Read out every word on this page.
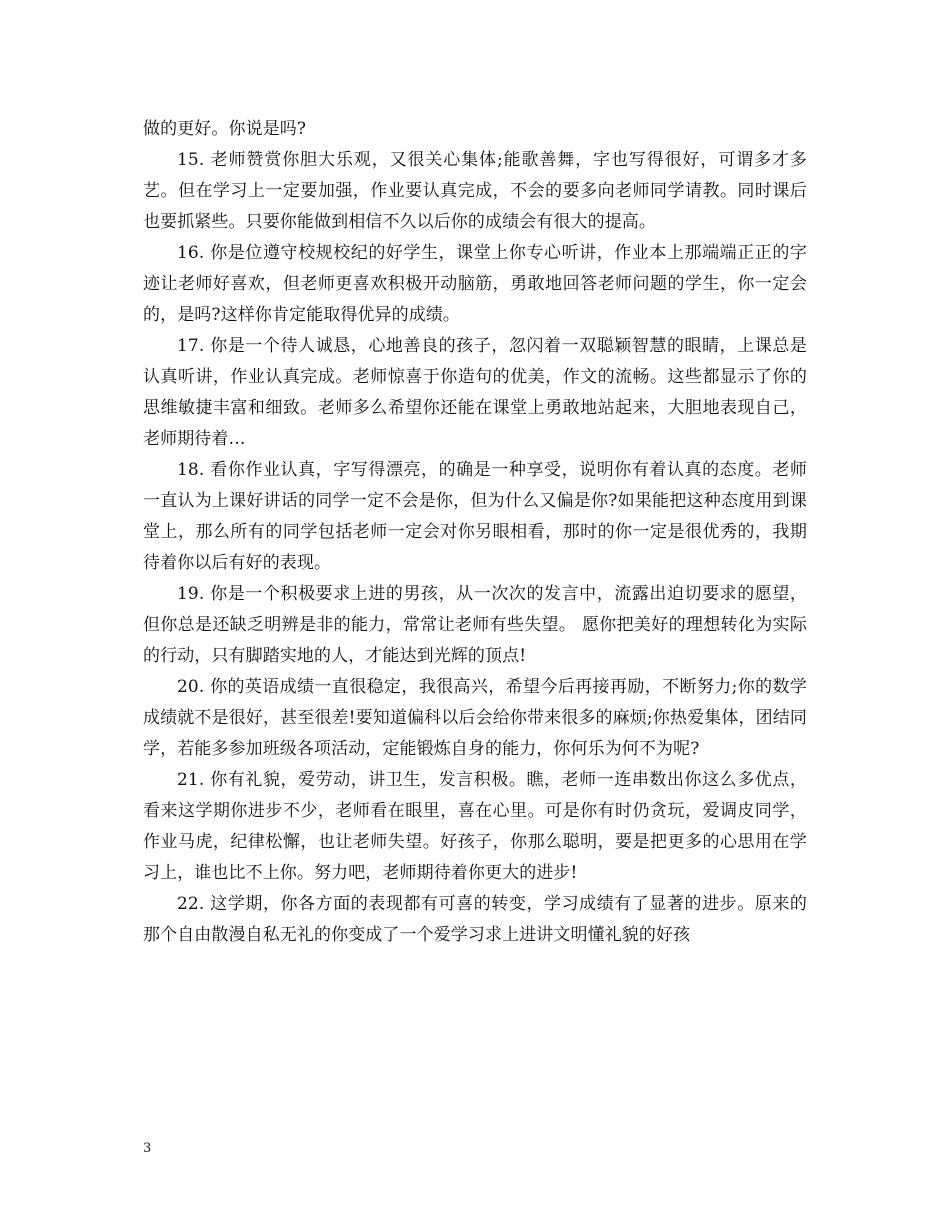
做的更好。你说是吗?

15. 老师赞赏你胆大乐观，又很关心集体;能歌善舞，字也写得很好，可谓多才多艺。但在学习上一定要加强，作业要认真完成，不会的要多向老师同学请教。同时课后也要抓紧些。只要你能做到相信不久以后你的成绩会有很大的提高。

16. 你是位遵守校规校纪的好学生，课堂上你专心听讲，作业本上那端端正正的字迹让老师好喜欢，但老师更喜欢积极开动脑筋，勇敢地回答老师问题的学生，你一定会的，是吗?这样你肯定能取得优异的成绩。

17. 你是一个待人诚恳，心地善良的孩子，忽闪着一双聪颖智慧的眼睛，上课总是认真听讲，作业认真完成。老师惊喜于你造句的优美，作文的流畅。这些都显示了你的思维敏捷丰富和细致。老师多么希望你还能在课堂上勇敢地站起来，大胆地表现自己，老师期待着…

18. 看你作业认真，字写得漂亮，的确是一种享受，说明你有着认真的态度。老师一直认为上课好讲话的同学一定不会是你，但为什么又偏是你?如果能把这种态度用到课堂上，那么所有的同学包括老师一定会对你另眼相看，那时的你一定是很优秀的，我期待着你以后有好的表现。

19. 你是一个积极要求上进的男孩，从一次次的发言中，流露出迫切要求的愿望，但你总是还缺乏明辨是非的能力，常常让老师有些失望。 愿你把美好的理想转化为实际的行动，只有脚踏实地的人，才能达到光辉的顶点!

20. 你的英语成绩一直很稳定，我很高兴，希望今后再接再励，不断努力;你的数学成绩就不是很好，甚至很差!要知道偏科以后会给你带来很多的麻烦;你热爱集体，团结同学，若能多参加班级各项活动，定能锻炼自身的能力，你何乐为何不为呢?

21. 你有礼貌，爱劳动，讲卫生，发言积极。瞧，老师一连串数出你这么多优点，看来这学期你进步不少，老师看在眼里，喜在心里。可是你有时仍贪玩，爱调皮同学，作业马虎，纪律松懈，也让老师失望。好孩子，你那么聪明，要是把更多的心思用在学习上，谁也比不上你。努力吧，老师期待着你更大的进步!

22. 这学期，你各方面的表现都有可喜的转变，学习成绩有了显著的进步。原来的那个自由散漫自私无礼的你变成了一个爱学习求上进讲文明懂礼貌的好孩

3
